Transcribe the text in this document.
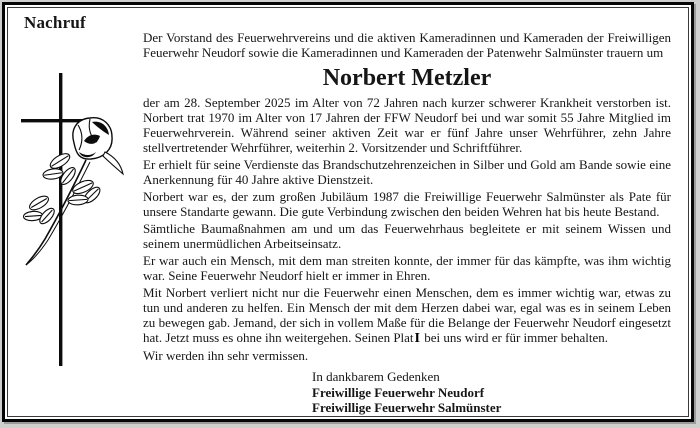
Nachruf

Der Vorstand des Feuerwehrvereins und die aktiven Kameradinnen und Kameraden der Freiwilligen Feuerwehr Neudorf sowie die Kameradinnen und Kameraden der Patenwehr Salmünster trauern um

Norbert Metzler

der am 28. September 2025 im Alter von 72 Jahren nach kurzer schwerer Krankheit verstorben ist. Norbert trat 1970 im Alter von 17 Jahren der FFW Neudorf bei und war somit 55 Jahre Mitglied im Feuerwehrverein. Während seiner aktiven Zeit war er fünf Jahre unser Wehrführer, zehn Jahre stellvertretender Wehrführer, weiterhin 2. Vorsitzender und Schriftführer.

Er erhielt für seine Verdienste das Brandschutzehrenzeichen in Silber und Gold am Bande sowie eine Anerkennung für 40 Jahre aktive Dienstzeit.

Norbert war es, der zum großen Jubiläum 1987 die Freiwillige Feuerwehr Salmünster als Pate für unsere Standarte gewann. Die gute Verbindung zwischen den beiden Wehren hat bis heute Bestand.

Sämtliche Baumaßnahmen am und um das Feuerwehrhaus begleitete er mit seinem Wissen und seinem unermüdlichen Arbeitseinsatz.

Er war auch ein Mensch, mit dem man streiten konnte, der immer für das kämpfte, was ihm wichtig war. Seine Feuerwehr Neudorf hielt er immer in Ehren.

Mit Norbert verliert nicht nur die Feuerwehr einen Menschen, dem es immer wichtig war, etwas zu tun und anderen zu helfen. Ein Mensch der mit dem Herzen dabei war, egal was es in seinem Leben zu bewegen gab. Jemand, der sich in vollem Maße für die Belange der Feuerwehr Neudorf eingesetzt hat. Jetzt muss es ohne ihn weitergehen. Seinen PlatI bei uns wird er für immer behalten.

Wir werden ihn sehr vermissen.

In dankbarem Gedenken
Freiwillige Feuerwehr Neudorf
Freiwillige Feuerwehr Salmünster
